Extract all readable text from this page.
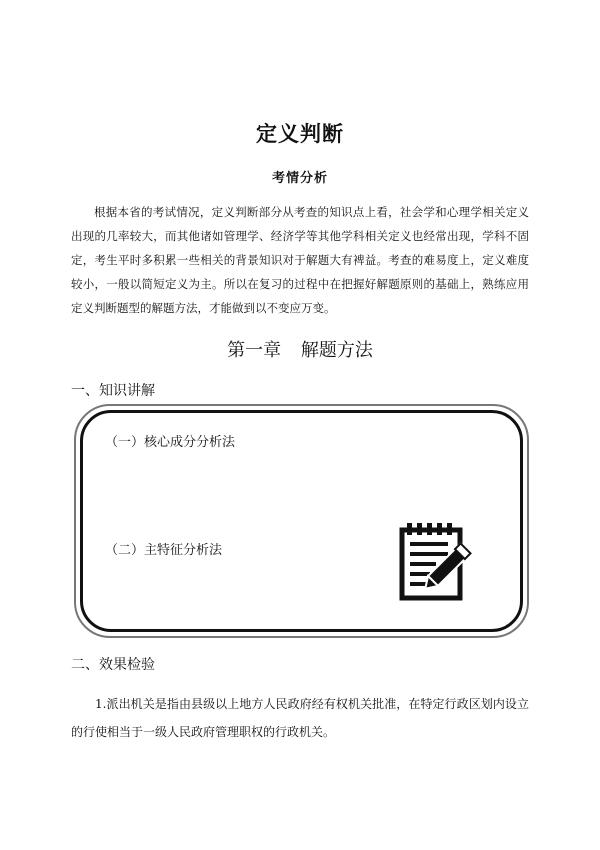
定义判断
考情分析

根据本省的考试情况，定义判断部分从考查的知识点上看，社会学和心理学相关定义出现的几率较大，而其他诸如管理学、经济学等其他学科相关定义也经常出现，学科不固定，考生平时多积累一些相关的背景知识对于解题大有裨益。考查的难易度上，定义难度较小，一般以简短定义为主。所以在复习的过程中在把握好解题原则的基础上，熟练应用定义判断题型的解题方法，才能做到以不变应万变。

第一章 解题方法
一、知识讲解
（一）核心成分分析法
（二）主特征分析法
二、效果检验

1.派出机关是指由县级以上地方人民政府经有权机关批准，在特定行政区划内设立的行使相当于一级人民政府管理职权的行政机关。
